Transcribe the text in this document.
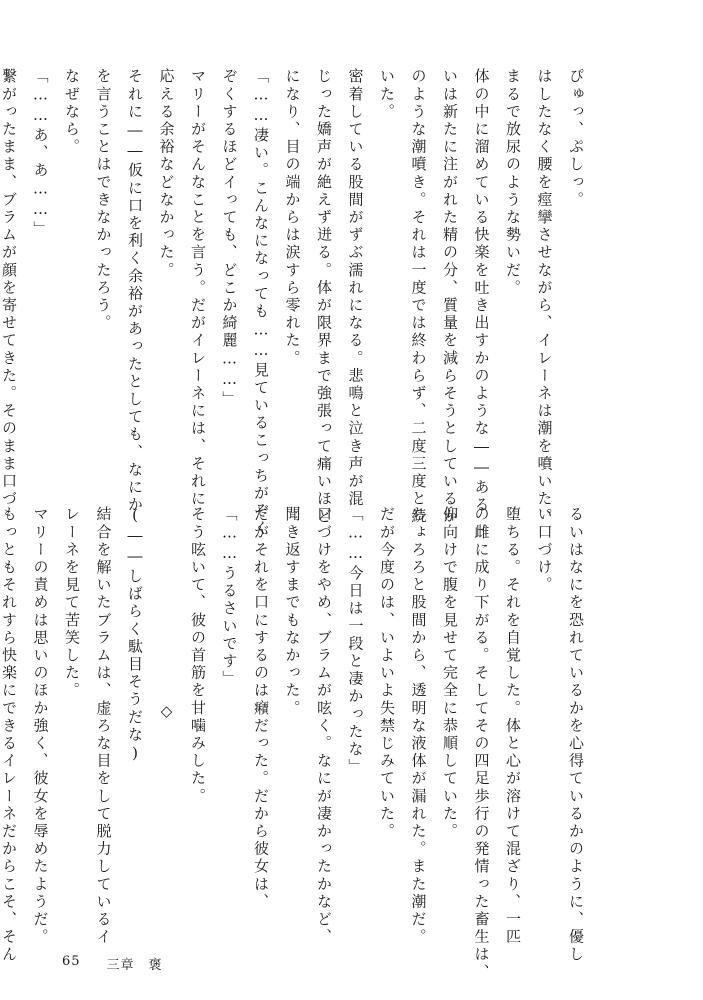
ぴゅっ、ぷしっ。
はしたなく腰を痙攣させながら、イレーネは潮を噴いた。
まるで放尿のような勢いだ。
体の中に溜めている快楽を吐き出すかのような――ある
いは新たに注がれた精の分、質量を減らそうとしているか
のような潮噴き。それは一度では終わらず、二度三度と続
いた。
密着している股間がずぶ濡れになる。悲鳴と泣き声が混
じった嬌声が絶えず迸る。体が限界まで強張って痛いほど
になり、目の端からは涙すら零れた。
「……凄い。こんなになっても……見ているこっちがぞく
ぞくするほどイっても、どこか綺麗……」
マリーがそんなことを言う。だがイレーネには、それに
応える余裕などなかった。
それに――仮に口を利く余裕があったとしても、なにか
を言うことはできなかったろう。
なぜなら。
「……あ、あ……」
繋がったまま、ブラムが顔を寄せてきた。そのまま口づ
るいはなにを恐れているかを心得ているかのように、優し
い口づけ。
堕ちる。それを自覚した。体と心が溶けて混ざり、一匹
の雌に成り下がる。そしてその四足歩行の発情った畜生は、
仰向けで腹を見せて完全に恭順していた。
ちょろろと股間から、透明な液体が漏れた。また潮だ。
だが今度のは、いよいよ失禁じみていた。
「……今日は一段と凄かったな」
口づけをやめ、ブラムが呟く。なにが凄かったかなど、
聞き返すまでもなかった。
だがそれを口にするのは癪だった。だから彼女は、
「……うるさいです」
そう呟いて、彼の首筋を甘噛みした。
◇
(――しばらく駄目そうだな)
結合を解いたブラムは、虚ろな目をして脱力しているイ
レーネを見て苦笑した。
マリーの責めは思いのほか強く、彼女を辱めたようだ。
もっともそれすら快楽にできるイレーネだからこそ、そん	65 三章　褒
